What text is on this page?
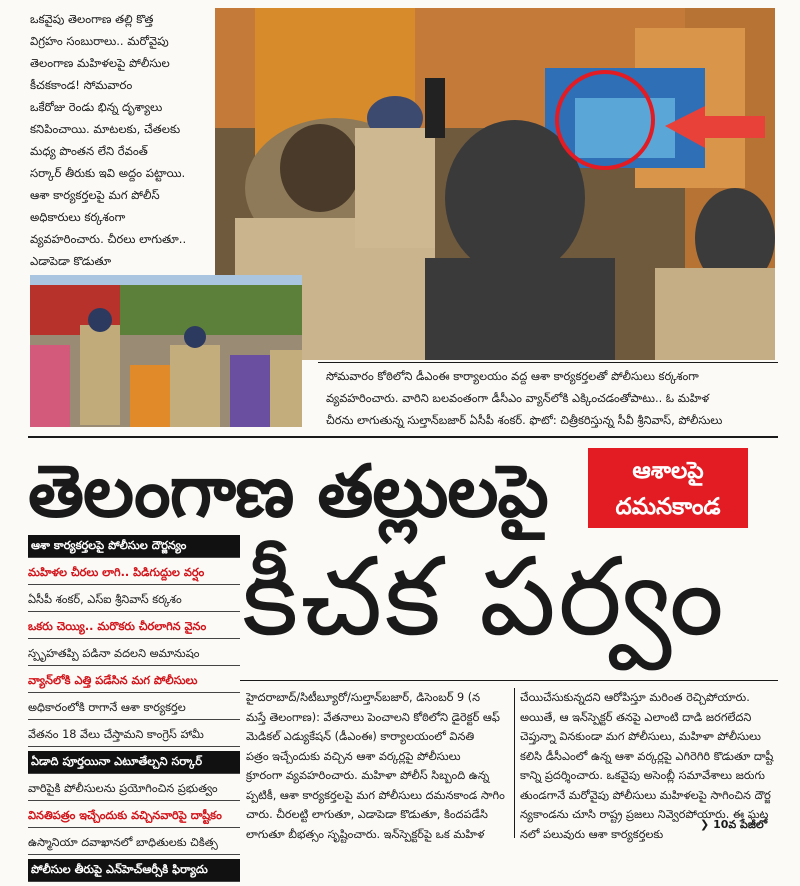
ఒకవైపు తెలంగాణ తల్లి కొత్త
విగ్రహం సంబురాలు.. మరోవైపు
తెలంగాణ మహిళలపై పోలీసుల
కీచకకాండ! సోమవారం
ఒకేరోజు రెండు భిన్న దృశ్యాలు
కనిపించాయి. మాటలకు, చేతలకు
మధ్య పొంతన లేని రేవంత్
సర్కార్ తీరుకు ఇవి అద్దం పట్టాయి.
ఆశా కార్యకర్తలపై మగ పోలీస్
అధికారులు కర్కశంగా
వ్యవహరించారు. చీరలు లాగుతూ..
ఎడాపెడా కొడుతూ
సోమవారం కోఠిలోని డీఎంఈ కార్యాలయం వద్ద ఆశా కార్యకర్తలతో పోలీసులు కర్కశంగా
వ్యవహరించారు. వారిని బలవంతంగా డీసీఎం వ్యాన్‌లోకి ఎక్కించడంతోపాటు.. ఓ మహిళ
చీరను లాగుతున్న సుల్తాన్‌బజార్ ఏసీపీ శంకర్. ఫొటో: చిత్రీకరిస్తున్న సీవీ శ్రీనివాస్, పోలీసులు
తెలంగాణ తల్లులపై	ఆశాలపై
దమనకాండ
కీచక పర్వం
ఆశా కార్యకర్తలపై పోలీసుల దౌర్జన్యం
మహిళల చీరలు లాగి.. పిడిగుద్దుల వర్షం
ఏసీపీ శంకర్, ఎస్ఐ శ్రీనివాస్ కర్కశం
ఒకరు చెయ్యి.. మరొకరు చీరలాగిన వైనం
స్పృహతప్పి పడినా వదలని అమానుషం
వ్యాన్‌లోకి ఎత్తి పడేసిన మగ పోలీసులు
అధికారంలోకి రాగానే ఆశా కార్యకర్తల
వేతనం 18 వేలు చేస్తామని కాంగ్రెస్ హామీ
ఏడాది పూర్తయినా ఎటూతేల్చని సర్కార్
వారిపైకి పోలీసులను ప్రయోగించిన ప్రభుత్వం
వినతిపత్రం ఇచ్చేందుకు వచ్చినవారిపై దాష్టీకం
ఉస్మానియా దవాఖానలో బాధితులకు చికిత్స
పోలీసుల తీరుపై ఎన్‌హెచ్ఆర్సీకి ఫిర్యాదు
హైదరాబాద్/సిటీబ్యూరో/సుల్తాన్‌బజార్, డిసెంబర్ 9 (న
మస్తే తెలంగాణ): వేతనాలు పెంచాలని కోఠిలోని డైరెక్టర్ ఆఫ్
మెడికల్ ఎడ్యుకేషన్ (డీఎంఈ) కార్యాలయంలో వినతి
పత్రం ఇచ్చేందుకు వచ్చిన ఆశా వర్కర్లపై పోలీసులు
క్రూరంగా వ్యవహరించారు. మహిళా పోలీస్ సిబ్బంది ఉన్న
ప్పటికీ, ఆశా కార్యకర్తలపై మగ పోలీసులు దమనకాండ సాగిం
చారు. చీరలట్టి లాగుతూ, ఎడాపెడా కొడుతూ, కిందపడేసి
లాగుతూ బీభత్సం సృష్టించారు. ఇన్‌స్పెక్టర్‌పై ఒక మహిళ
చేయిచేసుకున్నదని ఆరోపిస్తూ మరింత రెచ్చిపోయారు.
అయితే, ఆ ఇన్‌స్పెక్టర్ తనపై ఎలాంటి దాడి జరగలేదని
చెప్తున్నా వినకుండా మగ పోలీసులు, మహిళా పోలీసులు
కలిసి డీసీఎంలో ఉన్న ఆశా వర్కర్లపై ఎగిరెగిరి కొడుతూ దాష్టీ
కాన్ని ప్రదర్శించారు. ఒకవైపు అసెంబ్లీ సమావేశాలు జరుగు
తుండగానే మరోవైపు పోలీసులు మహిళలపై సాగించిన దౌర్జ
న్యకాండను చూసి రాష్ట్ర ప్రజలు నివ్వెరపోయారు. ఈ ఘట
నలో పలువురు ఆశా కార్యకర్తలకు
❯ 10వ పేజీలో
